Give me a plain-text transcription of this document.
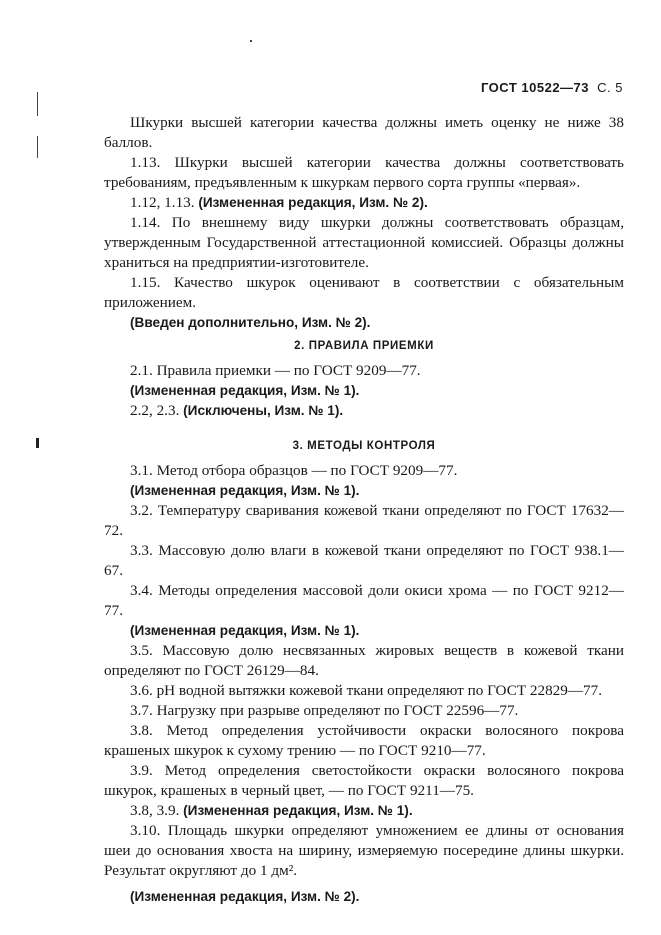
ГОСТ 10522—73 С. 5

Шкурки высшей категории качества должны иметь оценку не ниже 38 баллов.

1.13. Шкурки высшей категории качества должны соответствовать требованиям, предъявленным к шкуркам первого сорта группы «первая».

1.12, 1.13. (Измененная редакция, Изм. № 2).

1.14. По внешнему виду шкурки должны соответствовать образцам, утвержденным Государственной аттестационной комиссией. Образцы должны храниться на предприятии-изготовителе.

1.15. Качество шкурок оценивают в соответствии с обязательным приложением.

(Введен дополнительно, Изм. № 2).

2. ПРАВИЛА ПРИЕМКИ

2.1. Правила приемки — по ГОСТ 9209—77.

(Измененная редакция, Изм. № 1).

2.2, 2.3. (Исключены, Изм. № 1).

3. МЕТОДЫ КОНТРОЛЯ

3.1. Метод отбора образцов — по ГОСТ 9209—77.

(Измененная редакция, Изм. № 1).

3.2. Температуру сваривания кожевой ткани определяют по ГОСТ 17632—72.

3.3. Массовую долю влаги в кожевой ткани определяют по ГОСТ 938.1—67.

3.4. Методы определения массовой доли окиси хрома — по ГОСТ 9212—77.

(Измененная редакция, Изм. № 1).

3.5. Массовую долю несвязанных жировых веществ в кожевой ткани определяют по ГОСТ 26129—84.

3.6. pH водной вытяжки кожевой ткани определяют по ГОСТ 22829—77.

3.7. Нагрузку при разрыве определяют по ГОСТ 22596—77.

3.8. Метод определения устойчивости окраски волосяного покрова крашеных шкурок к сухому трению — по ГОСТ 9210—77.

3.9. Метод определения светостойкости окраски волосяного покрова шкурок, крашеных в черный цвет, — по ГОСТ 9211—75.

3.8, 3.9. (Измененная редакция, Изм. № 1).

3.10. Площадь шкурки определяют умножением ее длины от основания шеи до основания хвоста на ширину, измеряемую посередине длины шкурки. Результат округляют до 1 дм².

(Измененная редакция, Изм. № 2).
